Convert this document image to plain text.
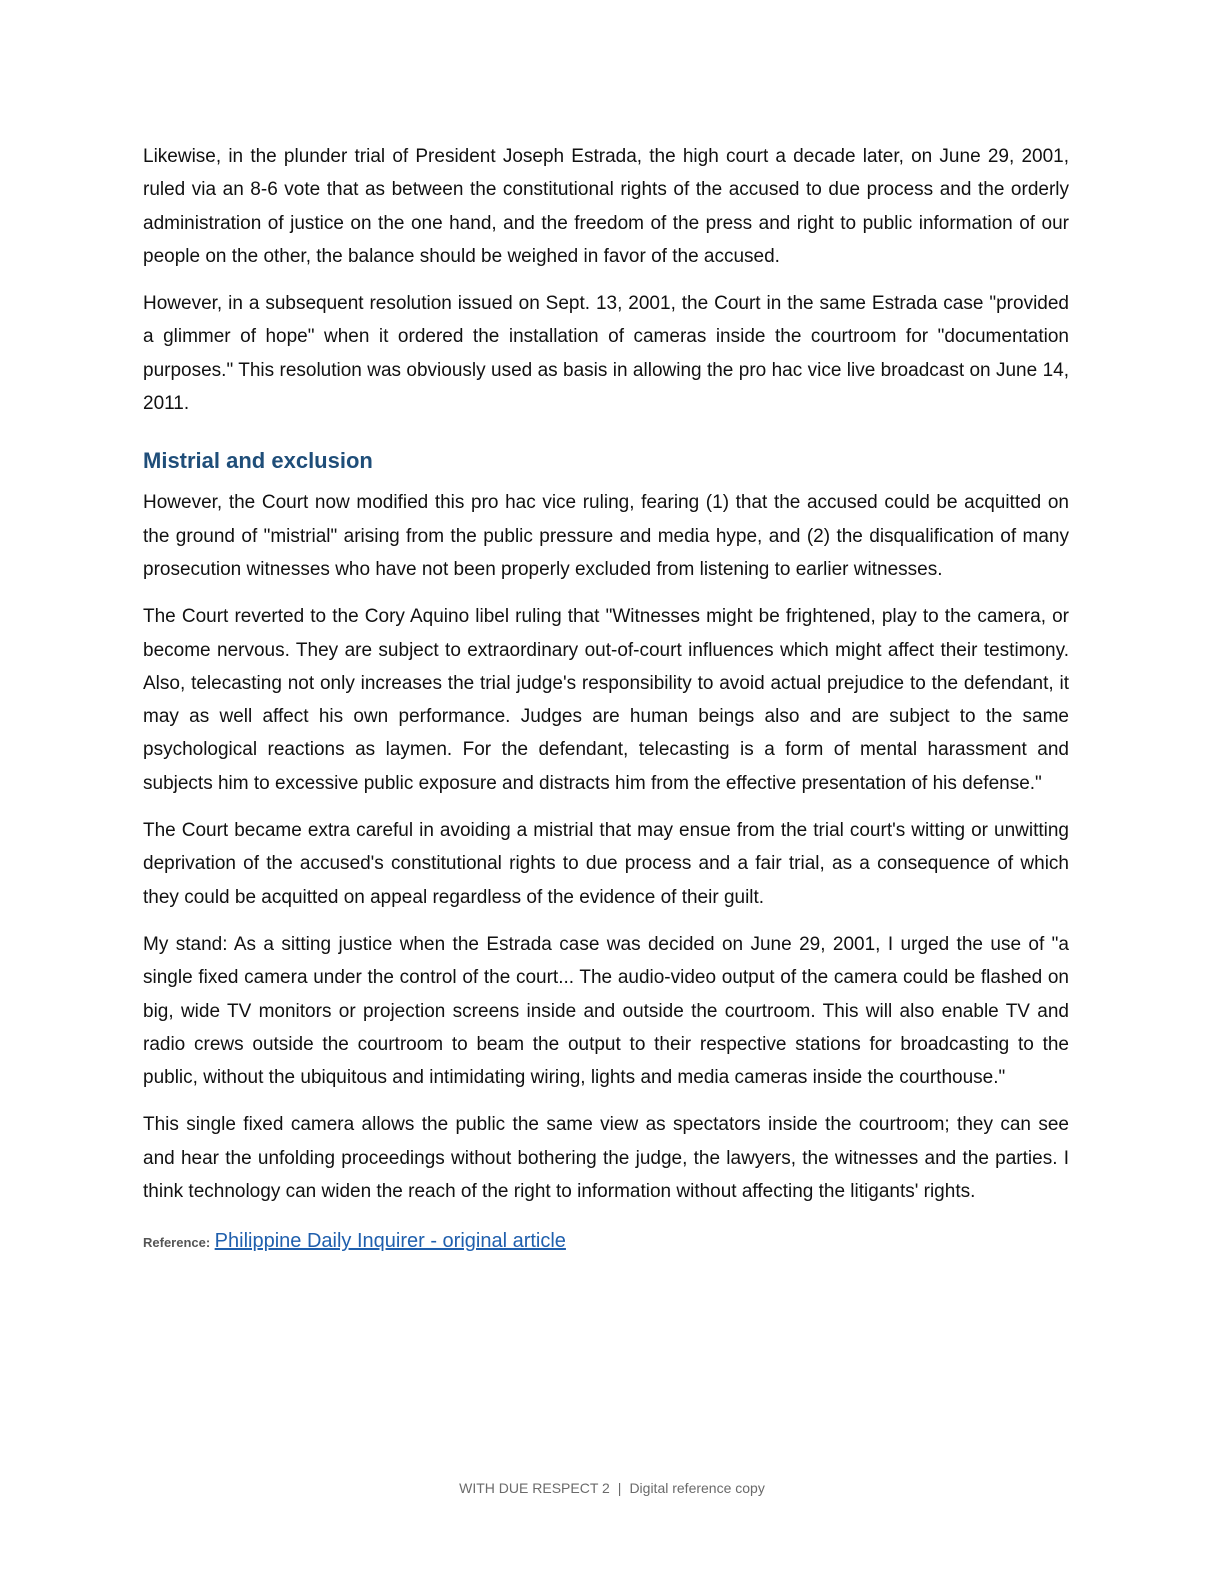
Likewise, in the plunder trial of President Joseph Estrada, the high court a decade later, on June 29, 2001, ruled via an 8-6 vote that as between the constitutional rights of the accused to due process and the orderly administration of justice on the one hand, and the freedom of the press and right to public information of our people on the other, the balance should be weighed in favor of the accused.

However, in a subsequent resolution issued on Sept. 13, 2001, the Court in the same Estrada case "provided a glimmer of hope" when it ordered the installation of cameras inside the courtroom for "documentation purposes." This resolution was obviously used as basis in allowing the pro hac vice live broadcast on June 14, 2011.

Mistrial and exclusion

However, the Court now modified this pro hac vice ruling, fearing (1) that the accused could be acquitted on the ground of "mistrial" arising from the public pressure and media hype, and (2) the disqualification of many prosecution witnesses who have not been properly excluded from listening to earlier witnesses.

The Court reverted to the Cory Aquino libel ruling that "Witnesses might be frightened, play to the camera, or become nervous. They are subject to extraordinary out-of-court influences which might affect their testimony. Also, telecasting not only increases the trial judge's responsibility to avoid actual prejudice to the defendant, it may as well affect his own performance. Judges are human beings also and are subject to the same psychological reactions as laymen. For the defendant, telecasting is a form of mental harassment and subjects him to excessive public exposure and distracts him from the effective presentation of his defense."

The Court became extra careful in avoiding a mistrial that may ensue from the trial court's witting or unwitting deprivation of the accused's constitutional rights to due process and a fair trial, as a consequence of which they could be acquitted on appeal regardless of the evidence of their guilt.

My stand: As a sitting justice when the Estrada case was decided on June 29, 2001, I urged the use of "a single fixed camera under the control of the court... The audio-video output of the camera could be flashed on big, wide TV monitors or projection screens inside and outside the courtroom. This will also enable TV and radio crews outside the courtroom to beam the output to their respective stations for broadcasting to the public, without the ubiquitous and intimidating wiring, lights and media cameras inside the courthouse."

This single fixed camera allows the public the same view as spectators inside the courtroom; they can see and hear the unfolding proceedings without bothering the judge, the lawyers, the witnesses and the parties. I think technology can widen the reach of the right to information without affecting the litigants' rights.

Reference: Philippine Daily Inquirer - original article
WITH DUE RESPECT 2 | Digital reference copy
